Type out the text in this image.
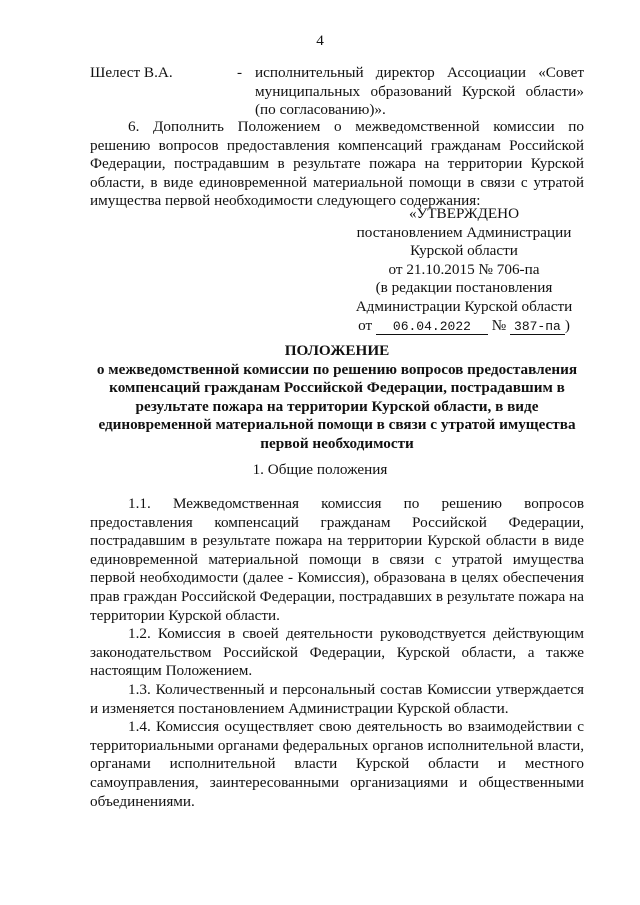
4
Шелест В.А.	- исполнительный директор Ассоциации «Совет муниципальных образований Курской области» (по согласованию)».

6. Дополнить Положением о межведомственной комиссии по решению вопросов предоставления компенсаций гражданам Российской Федерации, пострадавшим в результате пожара на территории Курской области, в виде единовременной материальной помощи в связи с утратой имущества первой необходимости следующего содержания:

«УТВЕРЖДЕНО
постановлением Администрации
Курской области
от 21.10.2015 № 706-па
(в редакции постановления
Администрации Курской области
от 06.04.2022 № 387-па )
ПОЛОЖЕНИЕ
о межведомственной комиссии по решению вопросов предоставления компенсаций гражданам Российской Федерации, пострадавшим в результате пожара на территории Курской области, в виде единовременной материальной помощи в связи с утратой имущества первой необходимости
1. Общие положения

1.1. Межведомственная комиссия по решению вопросов предоставления компенсаций гражданам Российской Федерации, пострадавшим в результате пожара на территории Курской области в виде единовременной материальной помощи в связи с утратой имущества первой необходимости (далее - Комиссия), образована в целях обеспечения прав граждан Российской Федерации, пострадавших в результате пожара на территории Курской области.

1.2. Комиссия в своей деятельности руководствуется действующим законодательством Российской Федерации, Курской области, а также настоящим Положением.

1.3. Количественный и персональный состав Комиссии утверждается и изменяется постановлением Администрации Курской области.

1.4. Комиссия осуществляет свою деятельность во взаимодействии с территориальными органами федеральных органов исполнительной власти, органами исполнительной власти Курской области и местного самоуправления, заинтересованными организациями и общественными объединениями.
